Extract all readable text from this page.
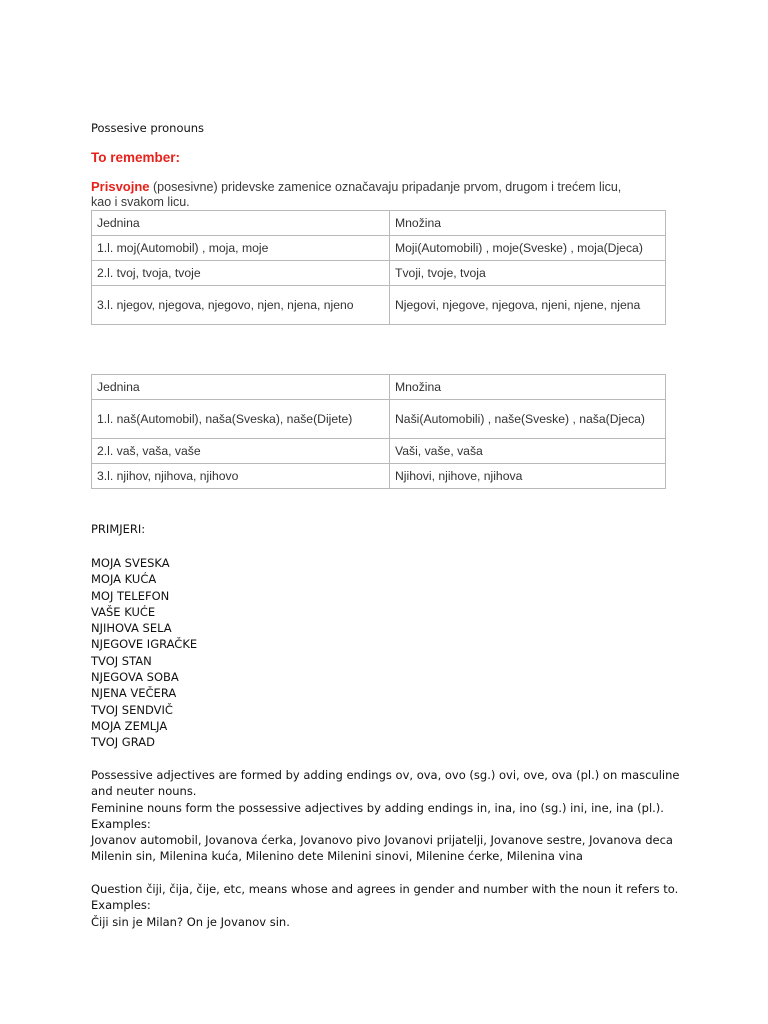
Possesive pronouns
To remember:
Prisvojne (posesivne) pridevske zamenice označavaju pripadanje prvom, drugom i trećem licu,
kao i svakom licu.
Jednina	Množina
1.l. moj(Automobil) , moja, moje	Moji(Automobili) , moje(Sveske) , moja(Djeca)
2.l. tvoj, tvoja, tvoje	Tvoji, tvoje, tvoja
3.l. njegov, njegova, njegovo, njen, njena, njeno	Njegovi, njegove, njegova, njeni, njene, njena
Jednina	Množina
1.l. naš(Automobil), naša(Sveska), naše(Dijete)	Naši(Automobili) , naše(Sveske) , naša(Djeca)
2.l. vaš, vaša, vaše	Vaši, vaše, vaša
3.l. njihov, njihova, njihovo	Njihovi, njihove, njihova
PRIMJERI:
MOJA SVESKA
MOJA KUĆA
MOJ TELEFON
VAŠE KUĆE
NJIHOVA SELA
NJEGOVE IGRAČKE
TVOJ STAN
NJEGOVA SOBA
NJENA VEČERA
TVOJ SENDVIČ
MOJA ZEMLJA
TVOJ GRAD
Possessive adjectives are formed by adding endings ov, ova, ovo (sg.) ovi, ove, ova (pl.) on masculine
and neuter nouns.
Feminine nouns form the possessive adjectives by adding endings in, ina, ino (sg.) ini, ine, ina (pl.).
Examples:
Jovanov automobil, Jovanova ćerka, Jovanovo pivo Jovanovi prijatelji, Jovanove sestre, Jovanova deca
Milenin sin, Milenina kuća, Milenino dete Milenini sinovi, Milenine ćerke, Milenina vina
Question čiji, čija, čije, etc, means whose and agrees in gender and number with the noun it refers to.
Examples:
Čiji sin je Milan? On je Jovanov sin.
